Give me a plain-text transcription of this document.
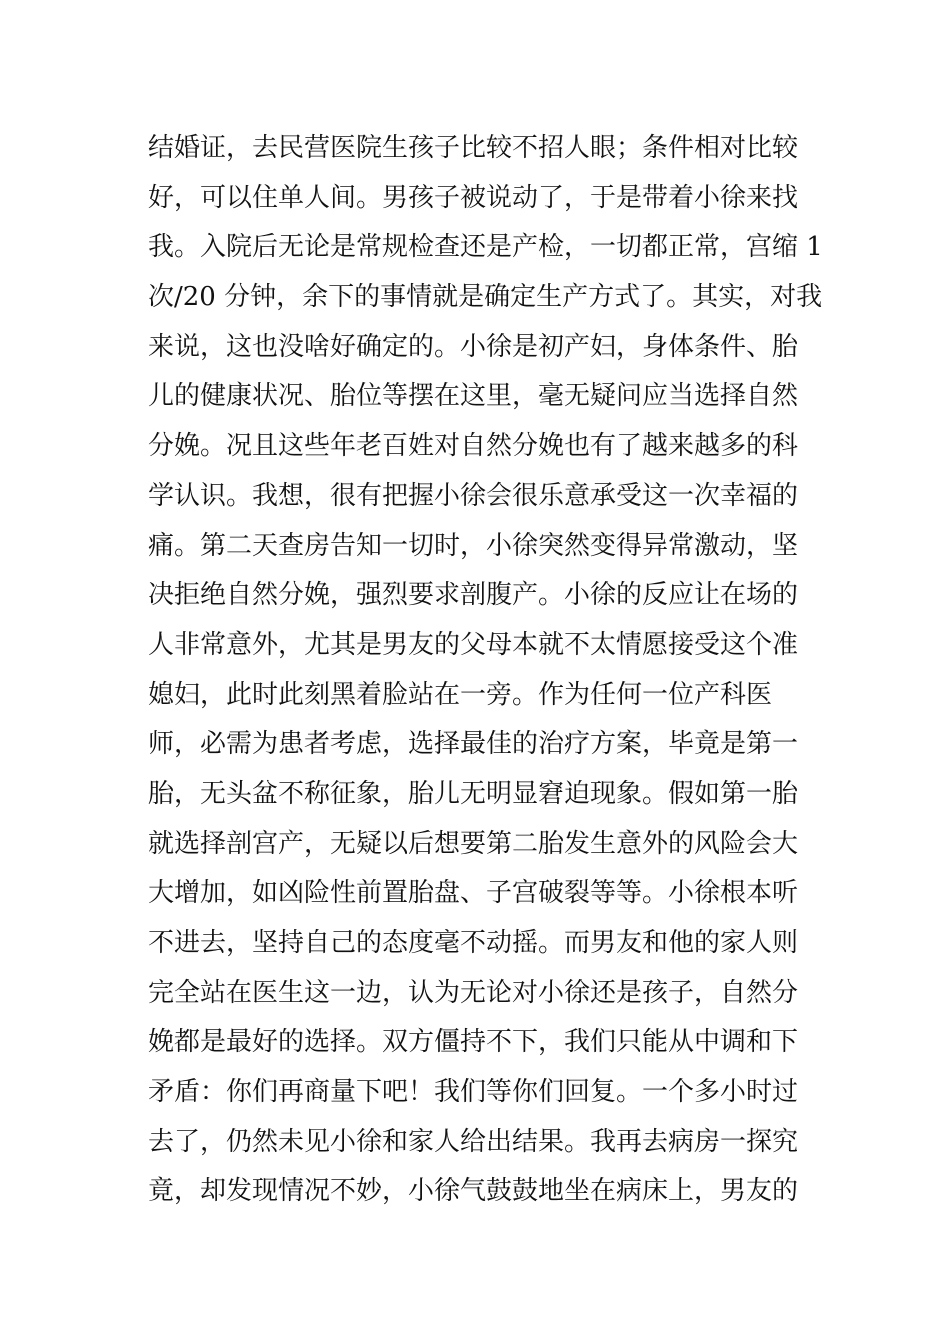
结婚证，去民营医院生孩子比较不招人眼；条件相对比较
好，可以住单人间。男孩子被说动了，于是带着小徐来找
我。入院后无论是常规检查还是产检，一切都正常，宫缩 1
次/20 分钟，余下的事情就是确定生产方式了。其实，对我
来说，这也没啥好确定的。小徐是初产妇，身体条件、胎
儿的健康状况、胎位等摆在这里，毫无疑问应当选择自然
分娩。况且这些年老百姓对自然分娩也有了越来越多的科
学认识。我想，很有把握小徐会很乐意承受这一次幸福的
痛。第二天查房告知一切时，小徐突然变得异常激动，坚
决拒绝自然分娩，强烈要求剖腹产。小徐的反应让在场的
人非常意外，尤其是男友的父母本就不太情愿接受这个准
媳妇，此时此刻黑着脸站在一旁。作为任何一位产科医
师，必需为患者考虑，选择最佳的治疗方案，毕竟是第一
胎，无头盆不称征象，胎儿无明显窘迫现象。假如第一胎
就选择剖宫产，无疑以后想要第二胎发生意外的风险会大
大增加，如凶险性前置胎盘、子宫破裂等等。小徐根本听
不进去，坚持自己的态度毫不动摇。而男友和他的家人则
完全站在医生这一边，认为无论对小徐还是孩子，自然分
娩都是最好的选择。双方僵持不下，我们只能从中调和下
矛盾：你们再商量下吧！我们等你们回复。一个多小时过
去了，仍然未见小徐和家人给出结果。我再去病房一探究
竟，却发现情况不妙，小徐气鼓鼓地坐在病床上，男友的
